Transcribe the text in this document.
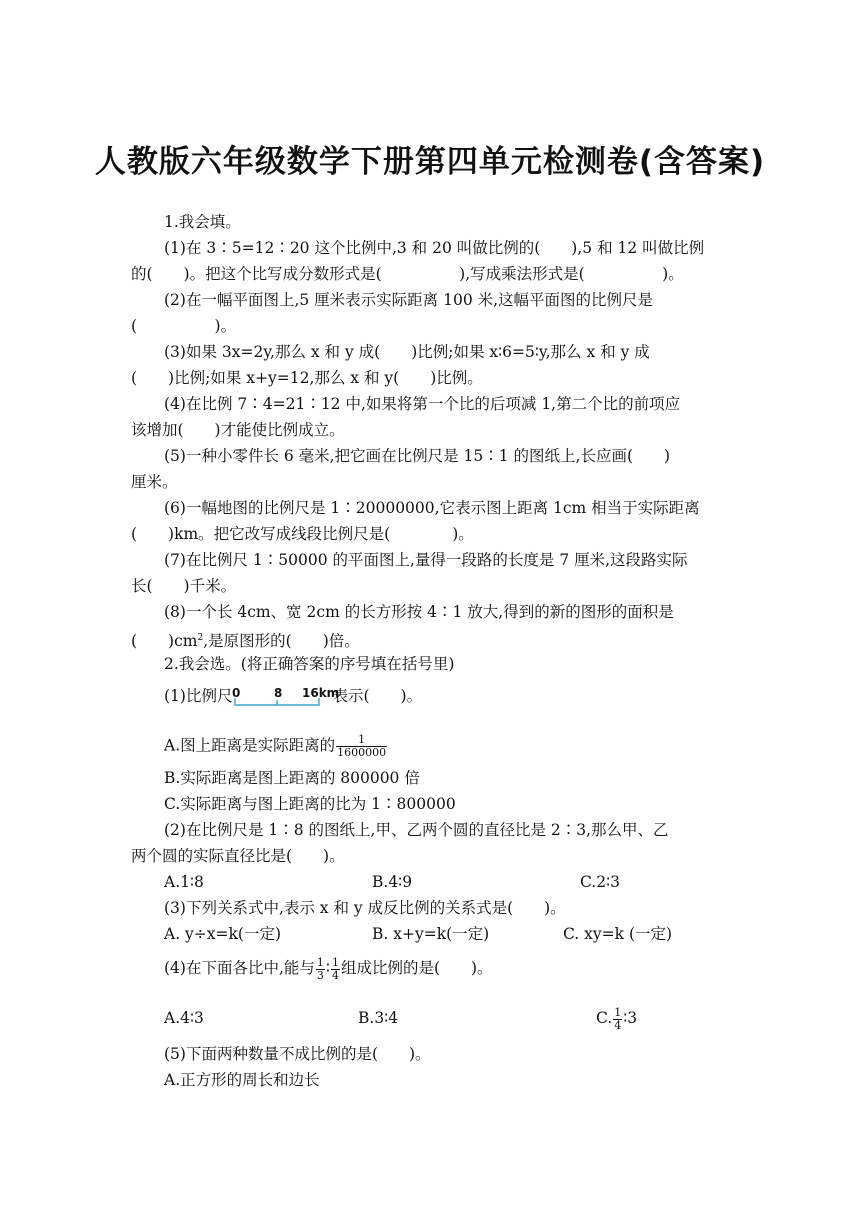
人教版六年级数学下册第四单元检测卷(含答案)
1.我会填。
(1)在 3∶5=12∶20 这个比例中,3 和 20 叫做比例的(　　),5 和 12 叫做比例
的(　　)。把这个比写成分数形式是(　　　　　),写成乘法形式是(　　　　　)。
(2)在一幅平面图上,5 厘米表示实际距离 100 米,这幅平面图的比例尺是
(　　　　　)。
(3)如果 3x=2y,那么 x 和 y 成(　　)比例;如果 x∶6=5∶y,那么 x 和 y 成
(　　)比例;如果 x+y=12,那么 x 和 y(　　)比例。
(4)在比例 7∶4=21∶12 中,如果将第一个比的后项减 1,第二个比的前项应
该增加(　　)才能使比例成立。
(5)一种小零件长 6 毫米,把它画在比例尺是 15∶1 的图纸上,长应画(　　)
厘米。
(6)一幅地图的比例尺是 1∶20000000,它表示图上距离 1cm 相当于实际距离
(　　)km。把它改写成线段比例尺是(　　　　)。
(7)在比例尺 1∶50000 的平面图上,量得一段路的长度是 7 厘米,这段路实际
长(　　)千米。
(8)一个长 4cm、宽 2cm 的长方形按 4∶1 放大,得到的新的图形的面积是
(　　)$cm^2$,是原图形的(　　)倍。
2.我会选。(将正确答案的序号填在括号里)
(1)比例尺 0	8 16km
表示(　　)。
A.图上距离是实际距离的 $\frac{1}{1600000}$
B.实际距离是图上距离的 800000 倍
C.实际距离与图上距离的比为 1∶800000
(2)在比例尺是 1∶8 的图纸上,甲、乙两个圆的直径比是 2∶3,那么甲、乙
两个圆的实际直径比是(　　)。
A.1∶8	B.4∶9	C.2∶3
(3)下列关系式中,表示 x 和 y 成反比例的关系式是(　　)。
A. y÷x=k(一定)	B. x+y=k(一定)	C. xy=k (一定)
(4)在下面各比中,能与 $\frac{1}{3}$ ∶ $\frac{1}{4}$ 组成比例的是(　　)。
A.4∶3	B.3∶4	C. $\frac{1}{4}$ ∶3
(5)下面两种数量不成比例的是(　　)。
A.正方形的周长和边长
